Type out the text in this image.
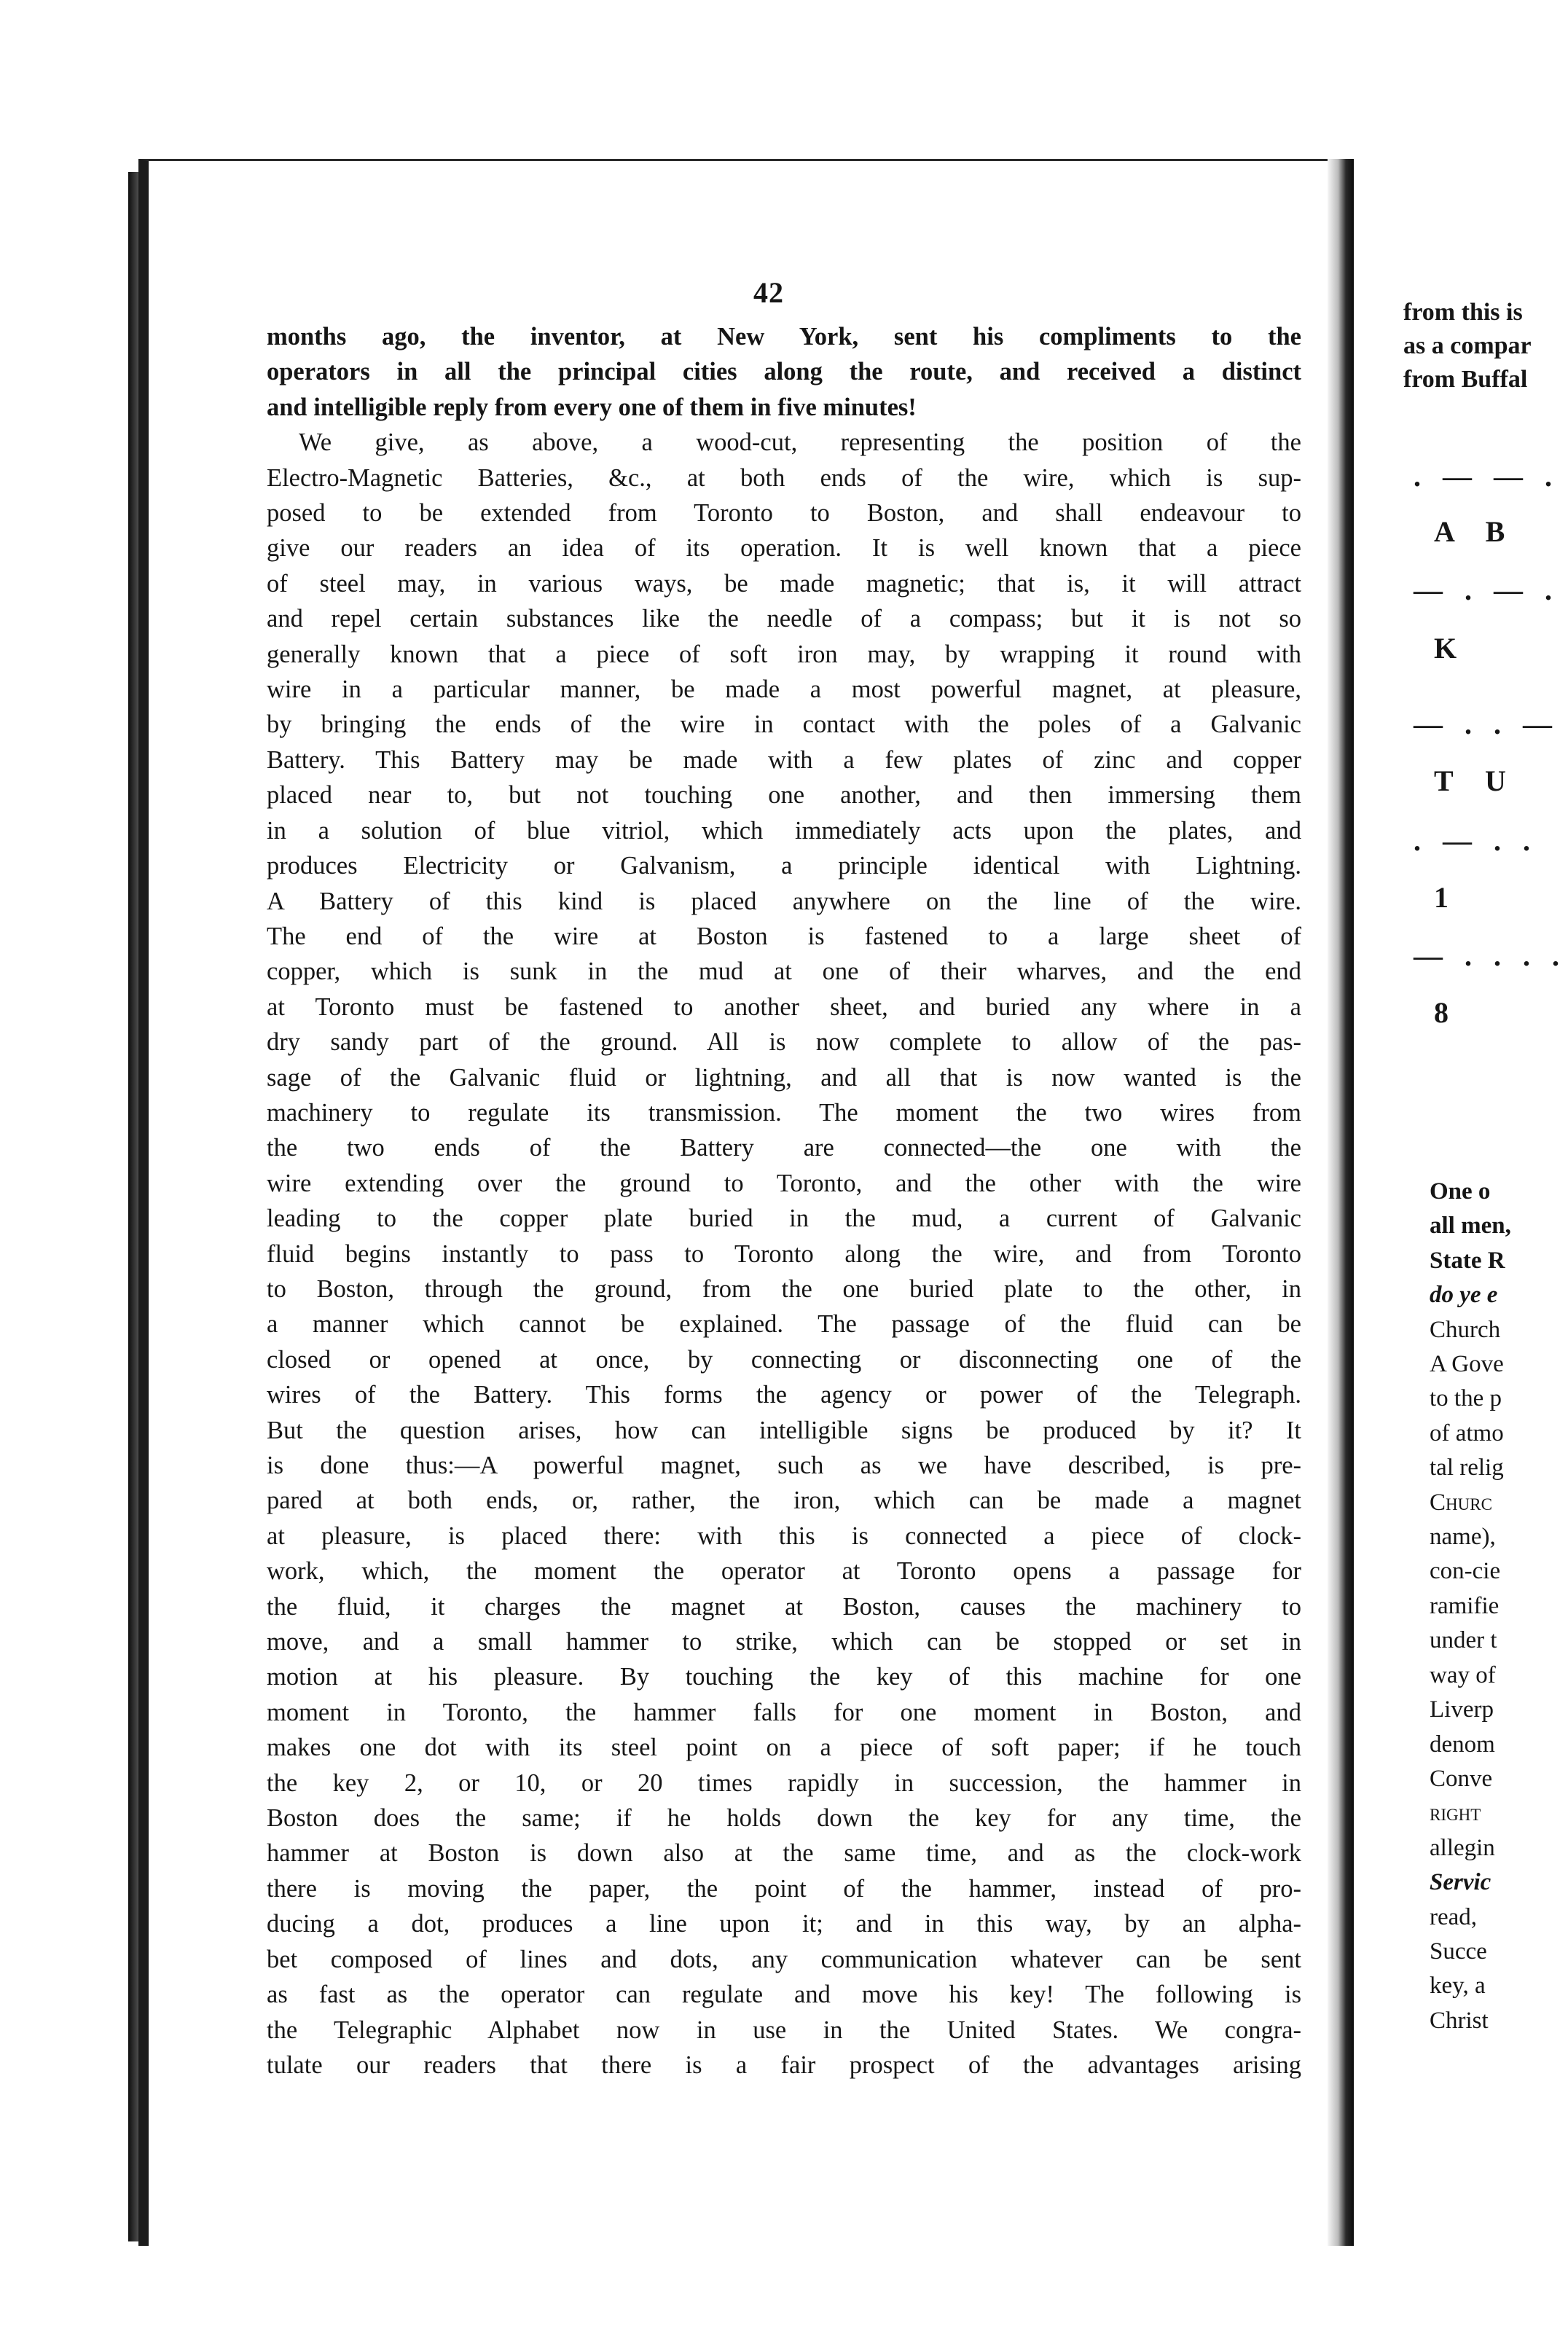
42
months ago, the inventor, at New York, sent his compliments to the
operators in all the principal cities along the route, and received a distinct
and intelligible reply from every one of them in five minutes!
We give, as above, a wood-cut, representing the position of the
Electro-Magnetic Batteries, &c., at both ends of the wire, which is sup-
posed to be extended from Toronto to Boston, and shall endeavour to
give our readers an idea of its operation. It is well known that a piece
of steel may, in various ways, be made magnetic; that is, it will attract
and repel certain substances like the needle of a compass; but it is not so
generally known that a piece of soft iron may, by wrapping it round with
wire in a particular manner, be made a most powerful magnet, at pleasure,
by bringing the ends of the wire in contact with the poles of a Galvanic
Battery. This Battery may be made with a few plates of zinc and copper
placed near to, but not touching one another, and then immersing them
in a solution of blue vitriol, which immediately acts upon the plates, and
produces Electricity or Galvanism, a principle identical with Lightning.
A Battery of this kind is placed anywhere on the line of the wire.
The end of the wire at Boston is fastened to a large sheet of
copper, which is sunk in the mud at one of their wharves, and the end
at Toronto must be fastened to another sheet, and buried any where in a
dry sandy part of the ground. All is now complete to allow of the pas-
sage of the Galvanic fluid or lightning, and all that is now wanted is the
machinery to regulate its transmission. The moment the two wires from
the two ends of the Battery are connected—the one with the
wire extending over the ground to Toronto, and the other with the wire
leading to the copper plate buried in the mud, a current of Galvanic
fluid begins instantly to pass to Toronto along the wire, and from Toronto
to Boston, through the ground, from the one buried plate to the other, in
a manner which cannot be explained. The passage of the fluid can be
closed or opened at once, by connecting or disconnecting one of the
wires of the Battery. This forms the agency or power of the Telegraph.
But the question arises, how can intelligible signs be produced by it? It
is done thus:—A powerful magnet, such as we have described, is pre-
pared at both ends, or, rather, the iron, which can be made a magnet
at pleasure, is placed there: with this is connected a piece of clock-
work, which, the moment the operator at Toronto opens a passage for
the fluid, it charges the magnet at Boston, causes the machinery to
move, and a small hammer to strike, which can be stopped or set in
motion at his pleasure. By touching the key of this machine for one
moment in Toronto, the hammer falls for one moment in Boston, and
makes one dot with its steel point on a piece of soft paper; if he touch
the key 2, or 10, or 20 times rapidly in succession, the hammer in
Boston does the same; if he holds down the key for any time, the
hammer at Boston is down also at the same time, and as the clock-work
there is moving the paper, the point of the hammer, instead of pro-
ducing a dot, produces a line upon it; and in this way, by an alpha-
bet composed of lines and dots, any communication whatever can be sent
as fast as the operator can regulate and move his key! The following is
the Telegraphic Alphabet now in use in the United States. We congra-
tulate our readers that there is a fair prospect of the advantages arising
from this is
as a compar
from Buffal
. — — .
A B
— . — .
K
— . . —
T U
. — . .
1
— . . . .
8
One o
all men,
State R
do ye e
Church
A Gove
to the p
of atmo
tal relig
Churc
name),
con-cie
ramifie
under t
way of
Liverp
denom
Conve
right
allegin
Servic
read,
Succe
key, a
Christ
